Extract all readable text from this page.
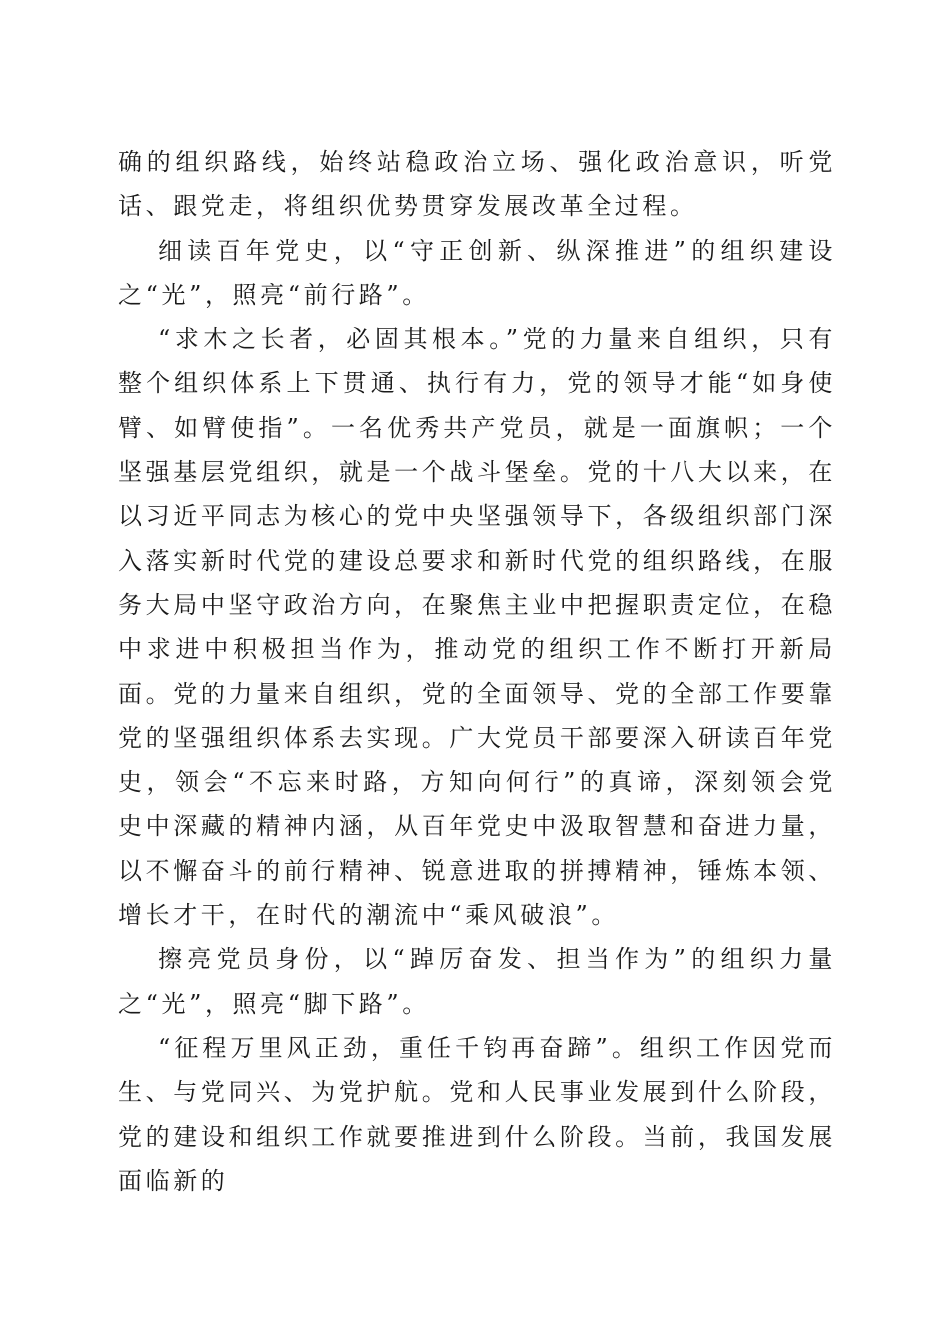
确的组织路线，始终站稳政治立场、强化政治意识，听党话、跟党走，将组织优势贯穿发展改革全过程。

细读百年党史，以“守正创新、纵深推进”的组织建设之“光”，照亮“前行路”。

“求木之长者，必固其根本。”党的力量来自组织，只有整个组织体系上下贯通、执行有力，党的领导才能“如身使臂、如臂使指”。一名优秀共产党员，就是一面旗帜；一个坚强基层党组织，就是一个战斗堡垒。党的十八大以来，在以习近平同志为核心的党中央坚强领导下，各级组织部门深入落实新时代党的建设总要求和新时代党的组织路线，在服务大局中坚守政治方向，在聚焦主业中把握职责定位，在稳中求进中积极担当作为，推动党的组织工作不断打开新局面。党的力量来自组织，党的全面领导、党的全部工作要靠党的坚强组织体系去实现。广大党员干部要深入研读百年党史，领会“不忘来时路，方知向何行”的真谛，深刻领会党史中深藏的精神内涵，从百年党史中汲取智慧和奋进力量，以不懈奋斗的前行精神、锐意进取的拼搏精神，锤炼本领、增长才干，在时代的潮流中“乘风破浪”。

擦亮党员身份，以“踔厉奋发、担当作为”的组织力量之“光”，照亮“脚下路”。

“征程万里风正劲，重任千钧再奋蹄”。组织工作因党而生、与党同兴、为党护航。党和人民事业发展到什么阶段，党的建设和组织工作就要推进到什么阶段。当前，我国发展面临新的
